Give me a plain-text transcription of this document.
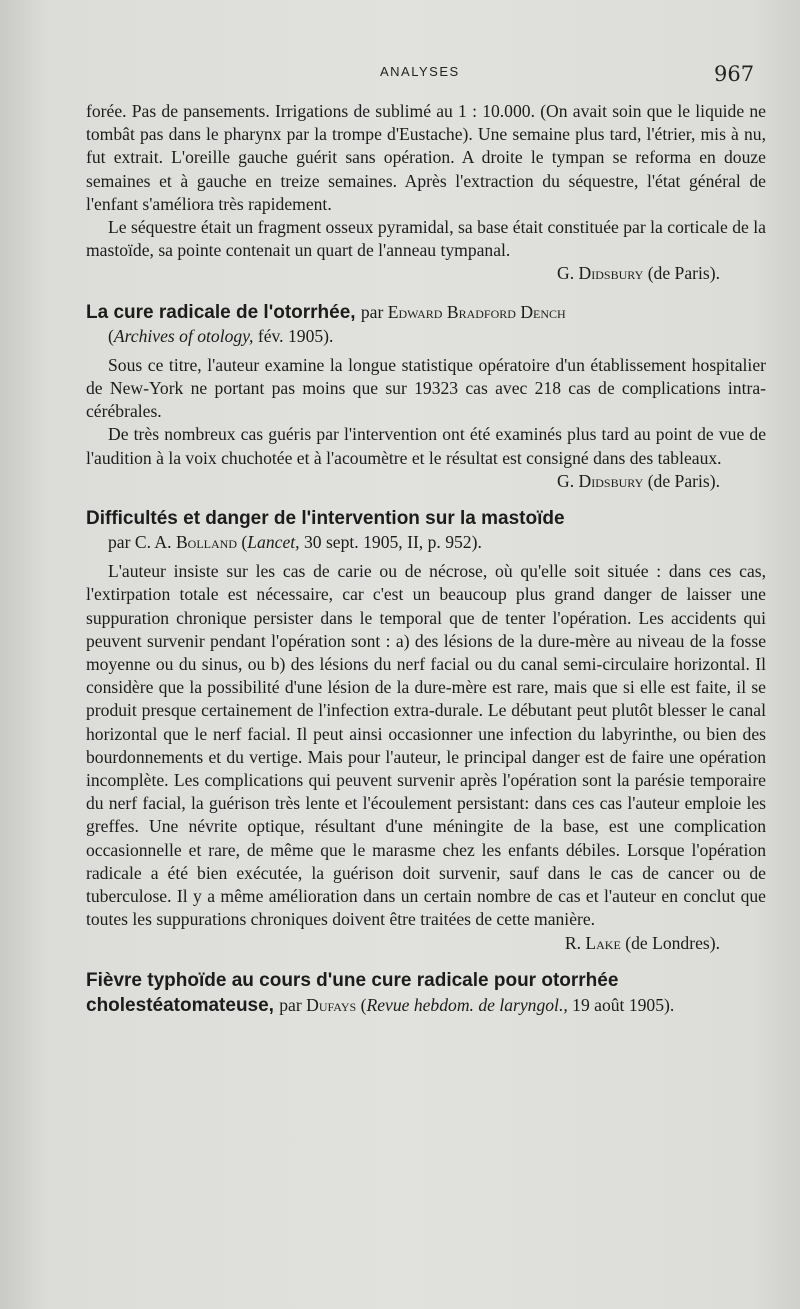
ANALYSES	967

forée. Pas de pansements. Irrigations de sublimé au 1 : 10.000. (On avait soin que le liquide ne tombât pas dans le pharynx par la trompe d'Eustache). Une semaine plus tard, l'étrier, mis à nu, fut extrait. L'oreille gauche guérit sans opération. A droite le tympan se reforma en douze semaines et à gauche en treize semaines. Après l'extraction du séquestre, l'état général de l'enfant s'améliora très rapidement.

Le séquestre était un fragment osseux pyramidal, sa base était constituée par la corticale de la mastoïde, sa pointe contenait un quart de l'anneau tympanal.

G. Didsbury (de Paris).

La cure radicale de l'otorrhée, par Edward Bradford Dench

(Archives of otology, fév. 1905).

Sous ce titre, l'auteur examine la longue statistique opératoire d'un établissement hospitalier de New-York ne portant pas moins que sur 19323 cas avec 218 cas de complications intra-cérébrales.

De très nombreux cas guéris par l'intervention ont été examinés plus tard au point de vue de l'audition à la voix chuchotée et à l'acoumètre et le résultat est consigné dans des tableaux.

G. Didsbury (de Paris).

Difficultés et danger de l'intervention sur la mastoïde

par C. A. Bolland (Lancet, 30 sept. 1905, II, p. 952).

L'auteur insiste sur les cas de carie ou de nécrose, où qu'elle soit située : dans ces cas, l'extirpation totale est nécessaire, car c'est un beaucoup plus grand danger de laisser une suppuration chronique persister dans le temporal que de tenter l'opération. Les accidents qui peuvent survenir pendant l'opération sont : a) des lésions de la dure-mère au niveau de la fosse moyenne ou du sinus, ou b) des lésions du nerf facial ou du canal semi-circulaire horizontal. Il considère que la possibilité d'une lésion de la dure-mère est rare, mais que si elle est faite, il se produit presque certainement de l'infection extra-durale. Le débutant peut plutôt blesser le canal horizontal que le nerf facial. Il peut ainsi occasionner une infection du labyrinthe, ou bien des bourdonnements et du vertige. Mais pour l'auteur, le principal danger est de faire une opération incomplète. Les complications qui peuvent survenir après l'opération sont la parésie temporaire du nerf facial, la guérison très lente et l'écoulement persistant: dans ces cas l'auteur emploie les greffes. Une névrite optique, résultant d'une méningite de la base, est une complication occasionnelle et rare, de même que le marasme chez les enfants débiles. Lorsque l'opération radicale a été bien exécutée, la guérison doit survenir, sauf dans le cas de cancer ou de tuberculose. Il y a même amélioration dans un certain nombre de cas et l'auteur en conclut que toutes les suppurations chroniques doivent être traitées de cette manière.

R. Lake (de Londres).

Fièvre typhoïde au cours d'une cure radicale pour otorrhée cholestéatomateuse, par Dufays (Revue hebdom. de laryngol., 19 août 1905).
